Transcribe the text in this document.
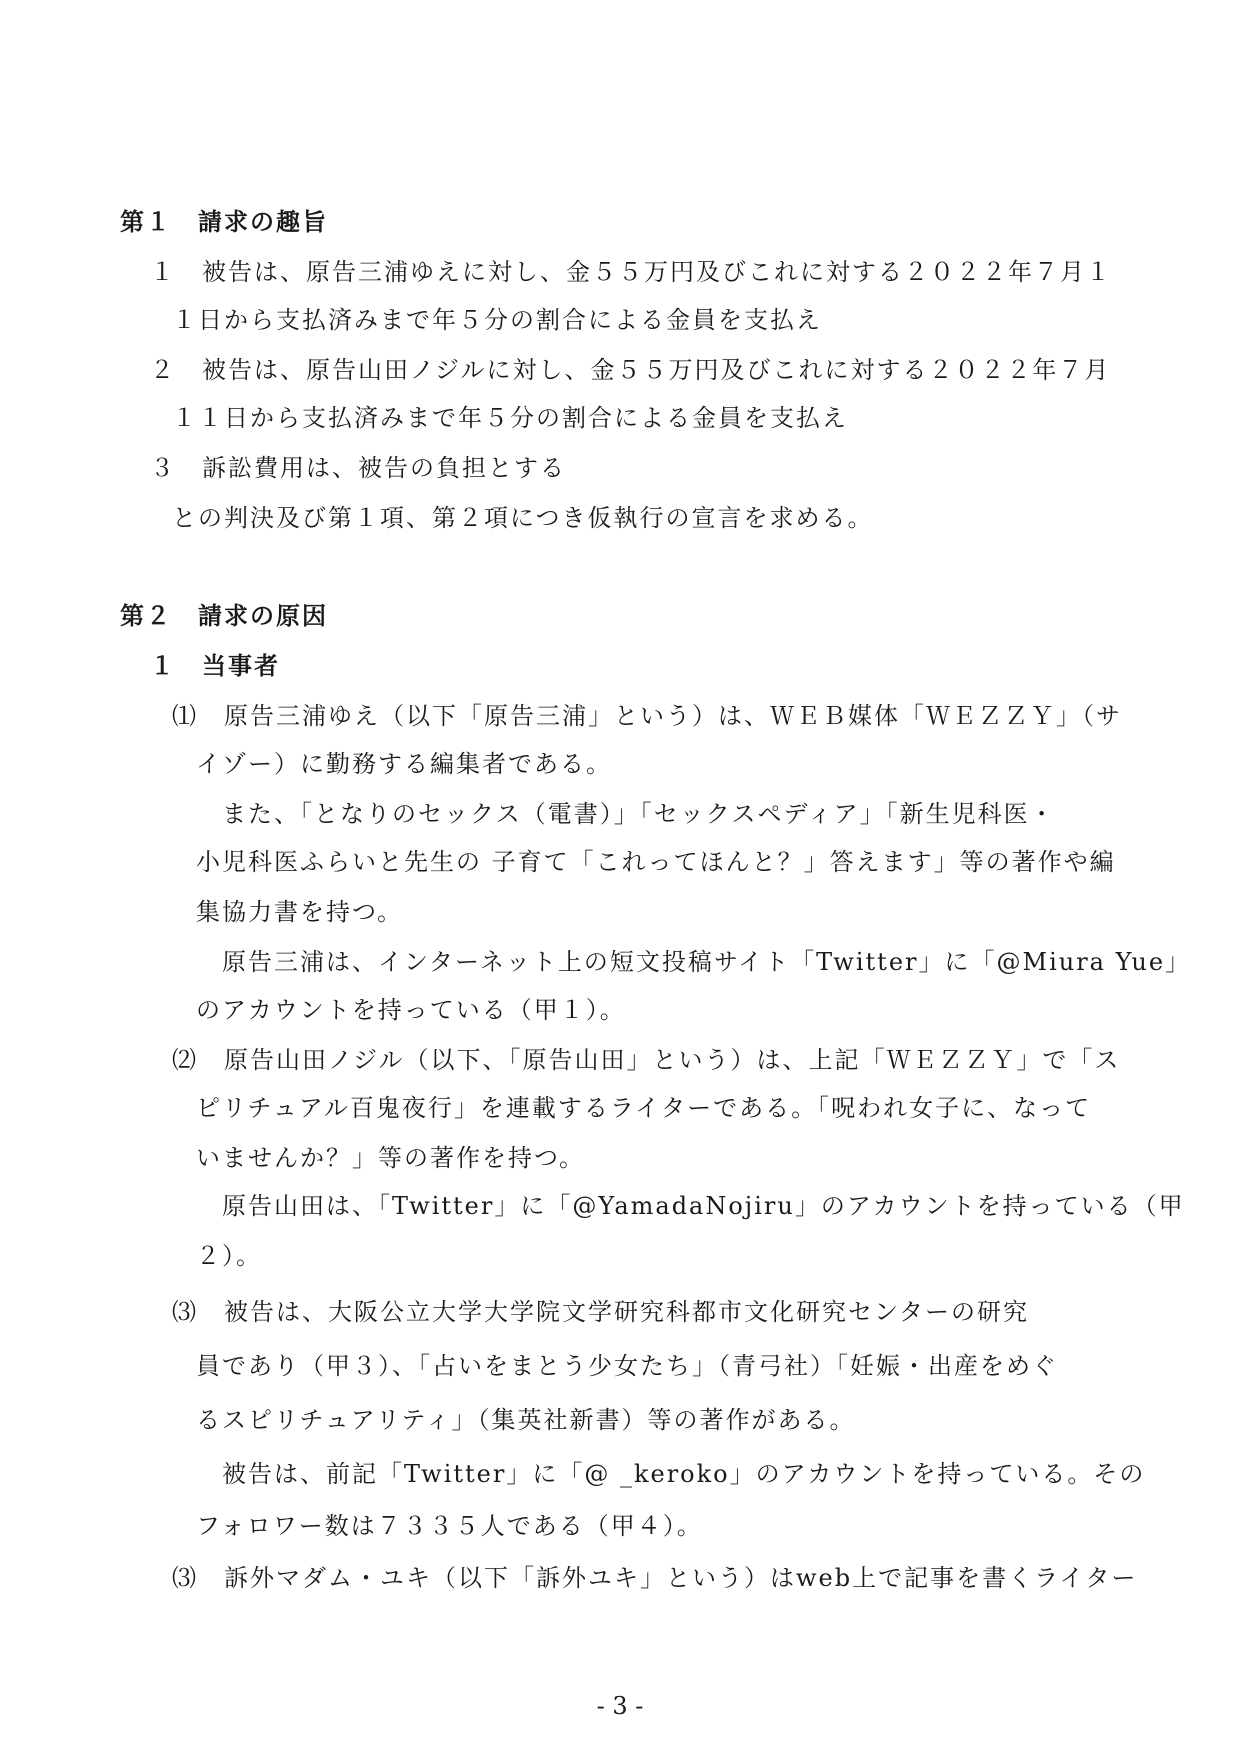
第１　請求の趣旨
１　被告は、原告三浦ゆえに対し、金５５万円及びこれに対する２０２２年７月１
１日から支払済みまで年５分の割合による金員を支払え
２　被告は、原告山田ノジルに対し、金５５万円及びこれに対する２０２２年７月
１１日から支払済みまで年５分の割合による金員を支払え
３　訴訟費用は、被告の負担とする
との判決及び第１項、第２項につき仮執行の宣言を求める。
第２　請求の原因
１　当事者
⑴　原告三浦ゆえ（以下「原告三浦」という）は、ＷＥＢ媒体「ＷＥＺＺＹ」（サ
イゾー）に勤務する編集者である。
また、「となりのセックス（電書）」「セックスペディア」「新生児科医・
小児科医ふらいと先生の 子育て「これってほんと？」答えます」等の著作や編
集協力書を持つ。
原告三浦は、インターネット上の短文投稿サイト「Twitter」に「@Miura Yue」
のアカウントを持っている（甲１）。
⑵　原告山田ノジル（以下、「原告山田」という）は、上記「ＷＥＺＺＹ」で「ス
ピリチュアル百鬼夜行」を連載するライターである。「呪われ女子に、なって
いませんか？」等の著作を持つ。
原告山田は、「Twitter」に「@YamadaNojiru」のアカウントを持っている（甲
２）。
⑶　被告は、大阪公立大学大学院文学研究科都市文化研究センターの研究
員であり（甲３）、「占いをまとう少女たち」（青弓社）「妊娠・出産をめぐ
るスピリチュアリティ」（集英社新書）等の著作がある。
被告は、前記「Twitter」に「@ _keroko」のアカウントを持っている。その
フォロワー数は７３３５人である（甲４）。
⑶　訴外マダム・ユキ（以下「訴外ユキ」という）はweb上で記事を書くライター
- 3 -
